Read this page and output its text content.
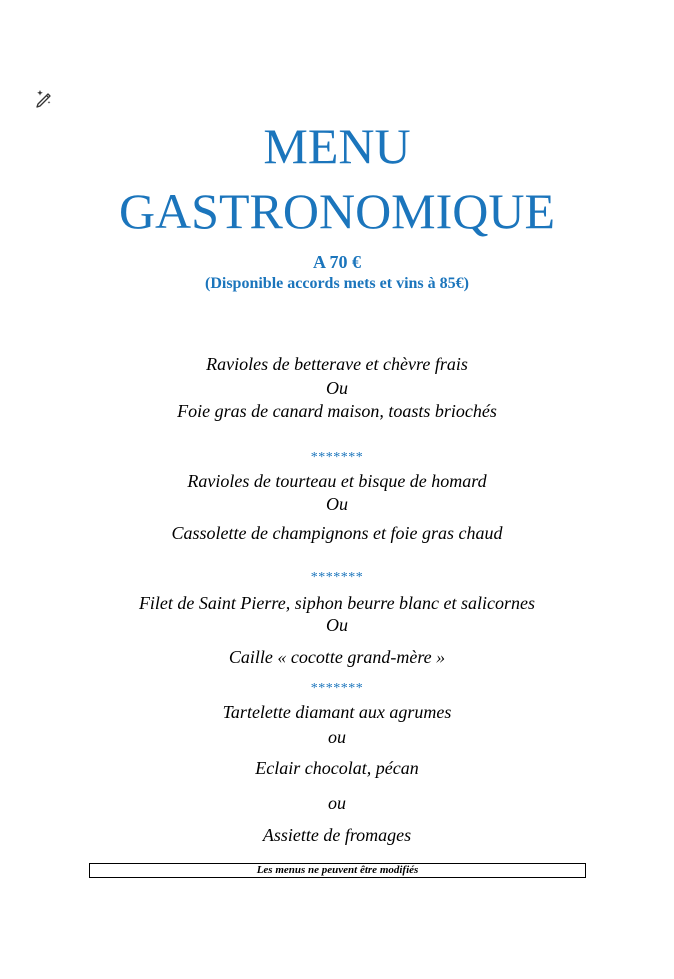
MENU
GASTRONOMIQUE
A 70 €
(Disponible accords mets et vins à 85€)
Ravioles de betterave et chèvre frais
Ou
Foie gras de canard maison, toasts briochés
*******
Ravioles de tourteau et bisque de homard
Ou
Cassolette de champignons et foie gras chaud
*******
Filet de Saint Pierre, siphon beurre blanc et salicornes
Ou
Caille « cocotte grand-mère »
*******
Tartelette diamant aux agrumes
ou
Eclair chocolat, pécan
ou
Assiette de fromages
Les menus ne peuvent être modifiés
